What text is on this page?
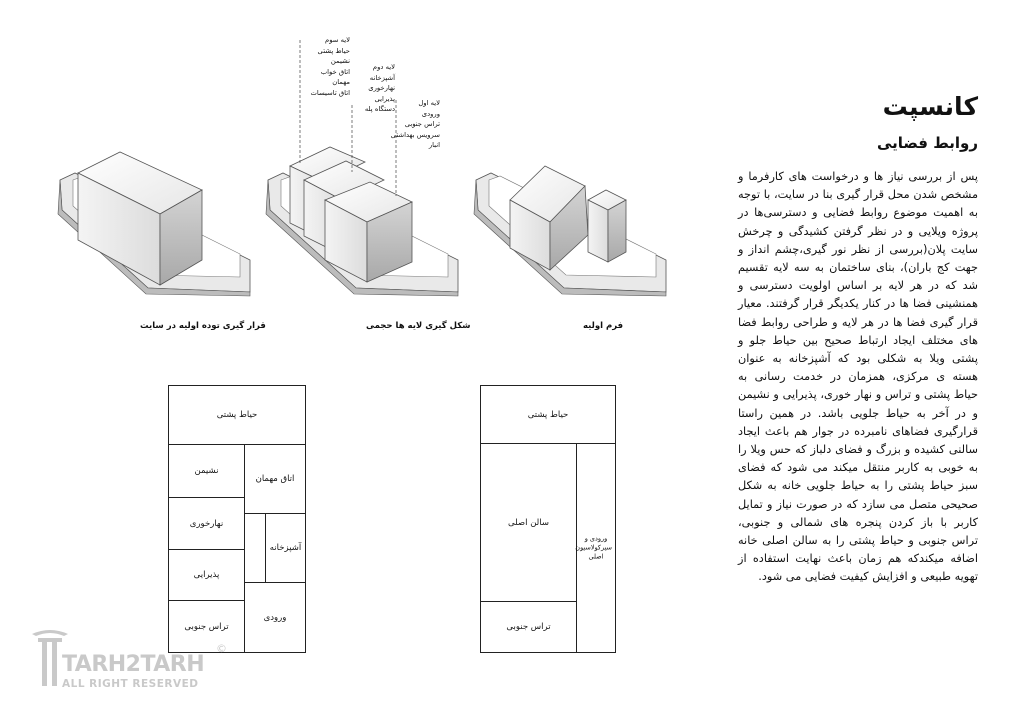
کانسپت
روابط فضایی
پس از بررسی نیاز ها و درخواست های کارفرما و مشخص شدن محل قرار گیری بنا در سایت، با توجه به اهمیت موضوع روابط فضایی و دسترسی‌ها در پروژه ویلایی و در نظر گرفتن کشیدگی و چرخش سایت پلان(بررسی از نظر نور گیری،چشم انداز و جهت کج باران)، بنای ساختمان به سه لایه تقسیم شد که در هر لایه بر اساس اولویت دسترسی و همنشینی فضا ها در کنار یکدیگر قرار گرفتند. معیار قرار گیری فضا ها در هر لایه و طراحی روابط فضا های مختلف ایجاد ارتباط صحیح بین حیاط جلو و پشتی ویلا به شکلی بود که آشپزخانه به عنوان هسته ی مرکزی، همزمان در خدمت رسانی به حیاط پشتی و تراس و نهار خوری، پذیرایی و نشیمن و در آخر به حیاط جلویی باشد. در همین راستا قرارگیری فضاهای نامبرده در جوار هم باعث ایجاد سالنی کشیده و بزرگ و فضای دلباز که حس ویلا را به خوبی به کاربر منتقل میکند می شود که فضای سبز حیاط پشتی را به حیاط جلویی خانه به شکل صحیحی متصل می سازد که در صورت نیاز و تمایل کاربر با باز کردن پنجره های شمالی و جنوبی، تراس جنوبی و حیاط پشتی را به سالن اصلی خانه اضافه میکندکه هم زمان باعث نهایت استفاده از تهویه طبیعی و افزایش کیفیت فضایی می شود.
لایه سوم
حیاط پشتی
نشیمن
اتاق خواب
مهمان
اتاق تاسیسات
لایه دوم
آشپزخانه
نهارخوری
پذیرایی
دستگاه پله
لایه اول
ورودی
تراس جنوبی
سرویس بهداشتی
انبار
قرار گیری توده اولیه در سایت	شکل گیری لایه ها حجمی	فرم اولیه
حیاط پشتی
نشیمن
اتاق مهمان
نهارخوری
آشپزخانه
پذیرایی
تراس جنوبی
ورودی
حیاط پشتی
سالن اصلی
ورودی و سیرکولاسیون اصلی
تراس جنوبی
TARH2TARH
©
ALL RIGHT RESERVED
